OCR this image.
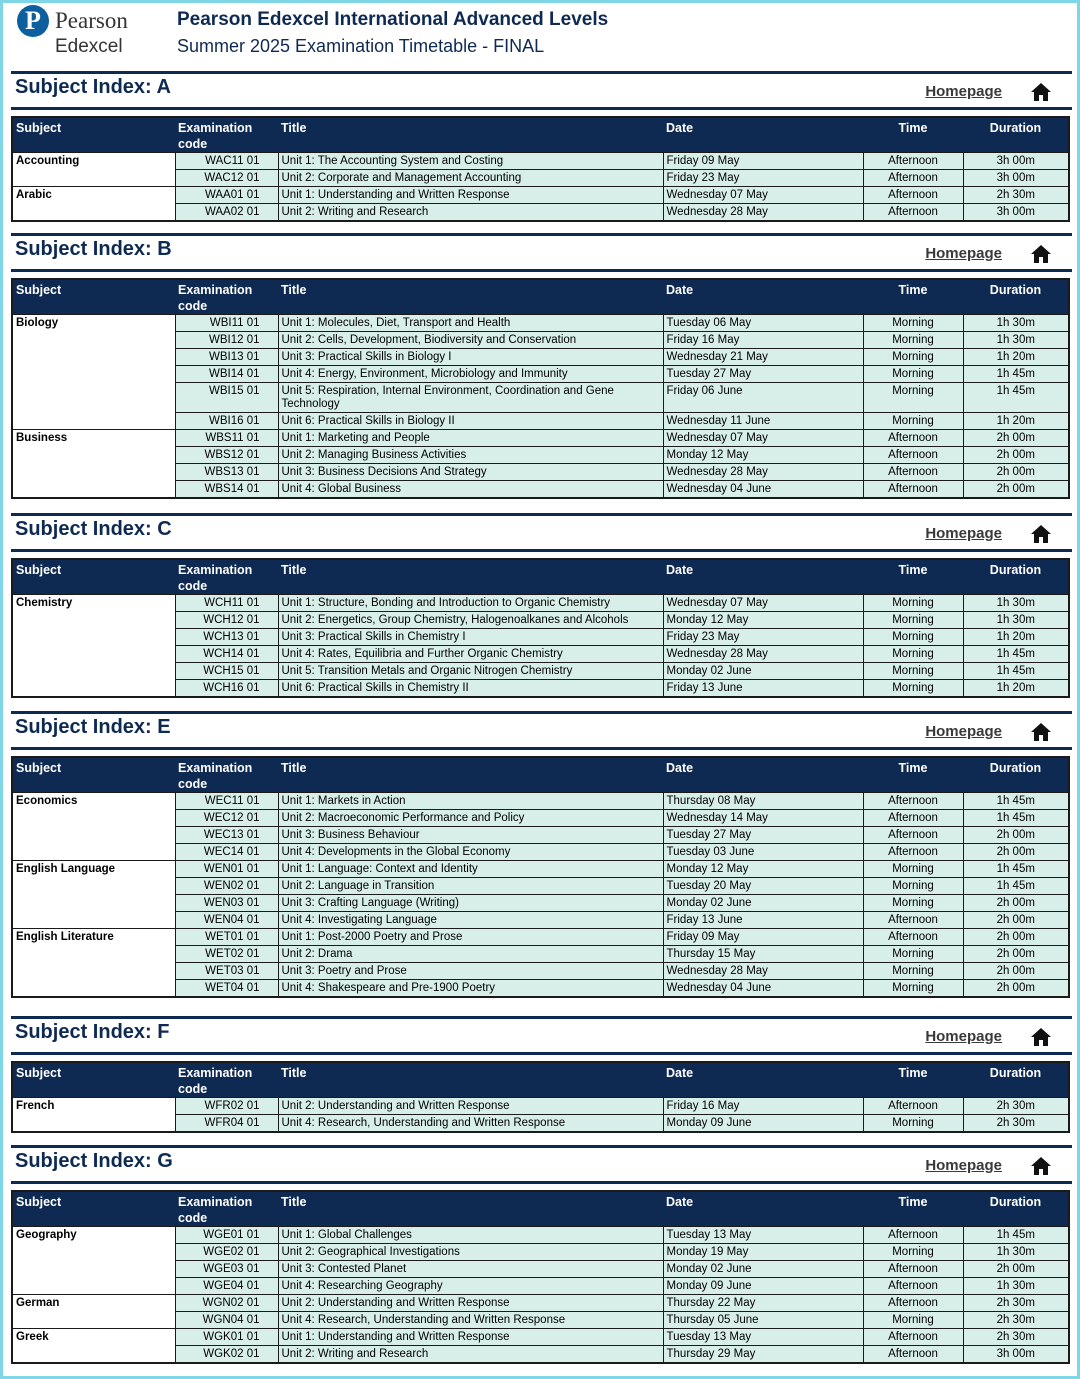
P Pearson
Edexcel
Pearson Edexcel International Advanced Levels
Summer 2025 Examination Timetable - FINAL
Subject Index: A	Homepage
Subject	Examination
code	Title	Date	Time	Duration
Accounting	WAC11 01	Unit 1: The Accounting System and Costing	Friday 09 May	Afternoon	3h 00m
	WAC12 01	Unit 2: Corporate and Management Accounting	Friday 23 May	Afternoon	3h 00m
Arabic	WAA01 01	Unit 1: Understanding and Written Response	Wednesday 07 May	Afternoon	2h 30m
	WAA02 01	Unit 2: Writing and Research	Wednesday 28 May	Afternoon	3h 00m
Subject Index: B	Homepage
Subject	Examination
code	Title	Date	Time	Duration
Biology	WBI11 01	Unit 1: Molecules, Diet, Transport and Health	Tuesday 06 May	Morning	1h 30m
	WBI12 01	Unit 2: Cells, Development, Biodiversity and Conservation	Friday 16 May	Morning	1h 30m
	WBI13 01	Unit 3: Practical Skills in Biology I	Wednesday 21 May	Morning	1h 20m
	WBI14 01	Unit 4: Energy, Environment, Microbiology and Immunity	Tuesday 27 May	Morning	1h 45m
	WBI15 01	Unit 5: Respiration, Internal Environment, Coordination and Gene Technology	Friday 06 June	Morning	1h 45m
	WBI16 01	Unit 6: Practical Skills in Biology II	Wednesday 11 June	Morning	1h 20m
Business	WBS11 01	Unit 1: Marketing and People	Wednesday 07 May	Afternoon	2h 00m
	WBS12 01	Unit 2: Managing Business Activities	Monday 12 May	Afternoon	2h 00m
	WBS13 01	Unit 3: Business Decisions And Strategy	Wednesday 28 May	Afternoon	2h 00m
	WBS14 01	Unit 4: Global Business	Wednesday 04 June	Afternoon	2h 00m
Subject Index: C	Homepage
Subject	Examination
code	Title	Date	Time	Duration
Chemistry	WCH11 01	Unit 1: Structure, Bonding and Introduction to Organic Chemistry	Wednesday 07 May	Morning	1h 30m
	WCH12 01	Unit 2: Energetics, Group Chemistry, Halogenoalkanes and Alcohols	Monday 12 May	Morning	1h 30m
	WCH13 01	Unit 3: Practical Skills in Chemistry I	Friday 23 May	Morning	1h 20m
	WCH14 01	Unit 4: Rates, Equilibria and Further Organic Chemistry	Wednesday 28 May	Morning	1h 45m
	WCH15 01	Unit 5: Transition Metals and Organic Nitrogen Chemistry	Monday 02 June	Morning	1h 45m
	WCH16 01	Unit 6: Practical Skills in Chemistry II	Friday 13 June	Morning	1h 20m
Subject Index: E	Homepage
Subject	Examination
code	Title	Date	Time	Duration
Economics	WEC11 01	Unit 1: Markets in Action	Thursday 08 May	Afternoon	1h 45m
	WEC12 01	Unit 2: Macroeconomic Performance and Policy	Wednesday 14 May	Afternoon	1h 45m
	WEC13 01	Unit 3: Business Behaviour	Tuesday 27 May	Afternoon	2h 00m
	WEC14 01	Unit 4: Developments in the Global Economy	Tuesday 03 June	Afternoon	2h 00m
English Language	WEN01 01	Unit 1: Language: Context and Identity	Monday 12 May	Morning	1h 45m
	WEN02 01	Unit 2: Language in Transition	Tuesday 20 May	Morning	1h 45m
	WEN03 01	Unit 3: Crafting Language (Writing)	Monday 02 June	Morning	2h 00m
	WEN04 01	Unit 4: Investigating Language	Friday 13 June	Afternoon	2h 00m
English Literature	WET01 01	Unit 1: Post-2000 Poetry and Prose	Friday 09 May	Afternoon	2h 00m
	WET02 01	Unit 2: Drama	Thursday 15 May	Morning	2h 00m
	WET03 01	Unit 3: Poetry and Prose	Wednesday 28 May	Morning	2h 00m
	WET04 01	Unit 4: Shakespeare and Pre-1900 Poetry	Wednesday 04 June	Morning	2h 00m
Subject Index: F	Homepage
Subject	Examination
code	Title	Date	Time	Duration
French	WFR02 01	Unit 2: Understanding and Written Response	Friday 16 May	Afternoon	2h 30m
	WFR04 01	Unit 4: Research, Understanding and Written Response	Monday 09 June	Morning	2h 30m
Subject Index: G	Homepage
Subject	Examination
code	Title	Date	Time	Duration
Geography	WGE01 01	Unit 1: Global Challenges	Tuesday 13 May	Afternoon	1h 45m
	WGE02 01	Unit 2: Geographical Investigations	Monday 19 May	Morning	1h 30m
	WGE03 01	Unit 3: Contested Planet	Monday 02 June	Afternoon	2h 00m
	WGE04 01	Unit 4: Researching Geography	Monday 09 June	Afternoon	1h 30m
German	WGN02 01	Unit 2: Understanding and Written Response	Thursday 22 May	Afternoon	2h 30m
	WGN04 01	Unit 4: Research, Understanding and Written Response	Thursday 05 June	Morning	2h 30m
Greek	WGK01 01	Unit 1: Understanding and Written Response	Tuesday 13 May	Afternoon	2h 30m
	WGK02 01	Unit 2: Writing and Research	Thursday 29 May	Afternoon	3h 00m
